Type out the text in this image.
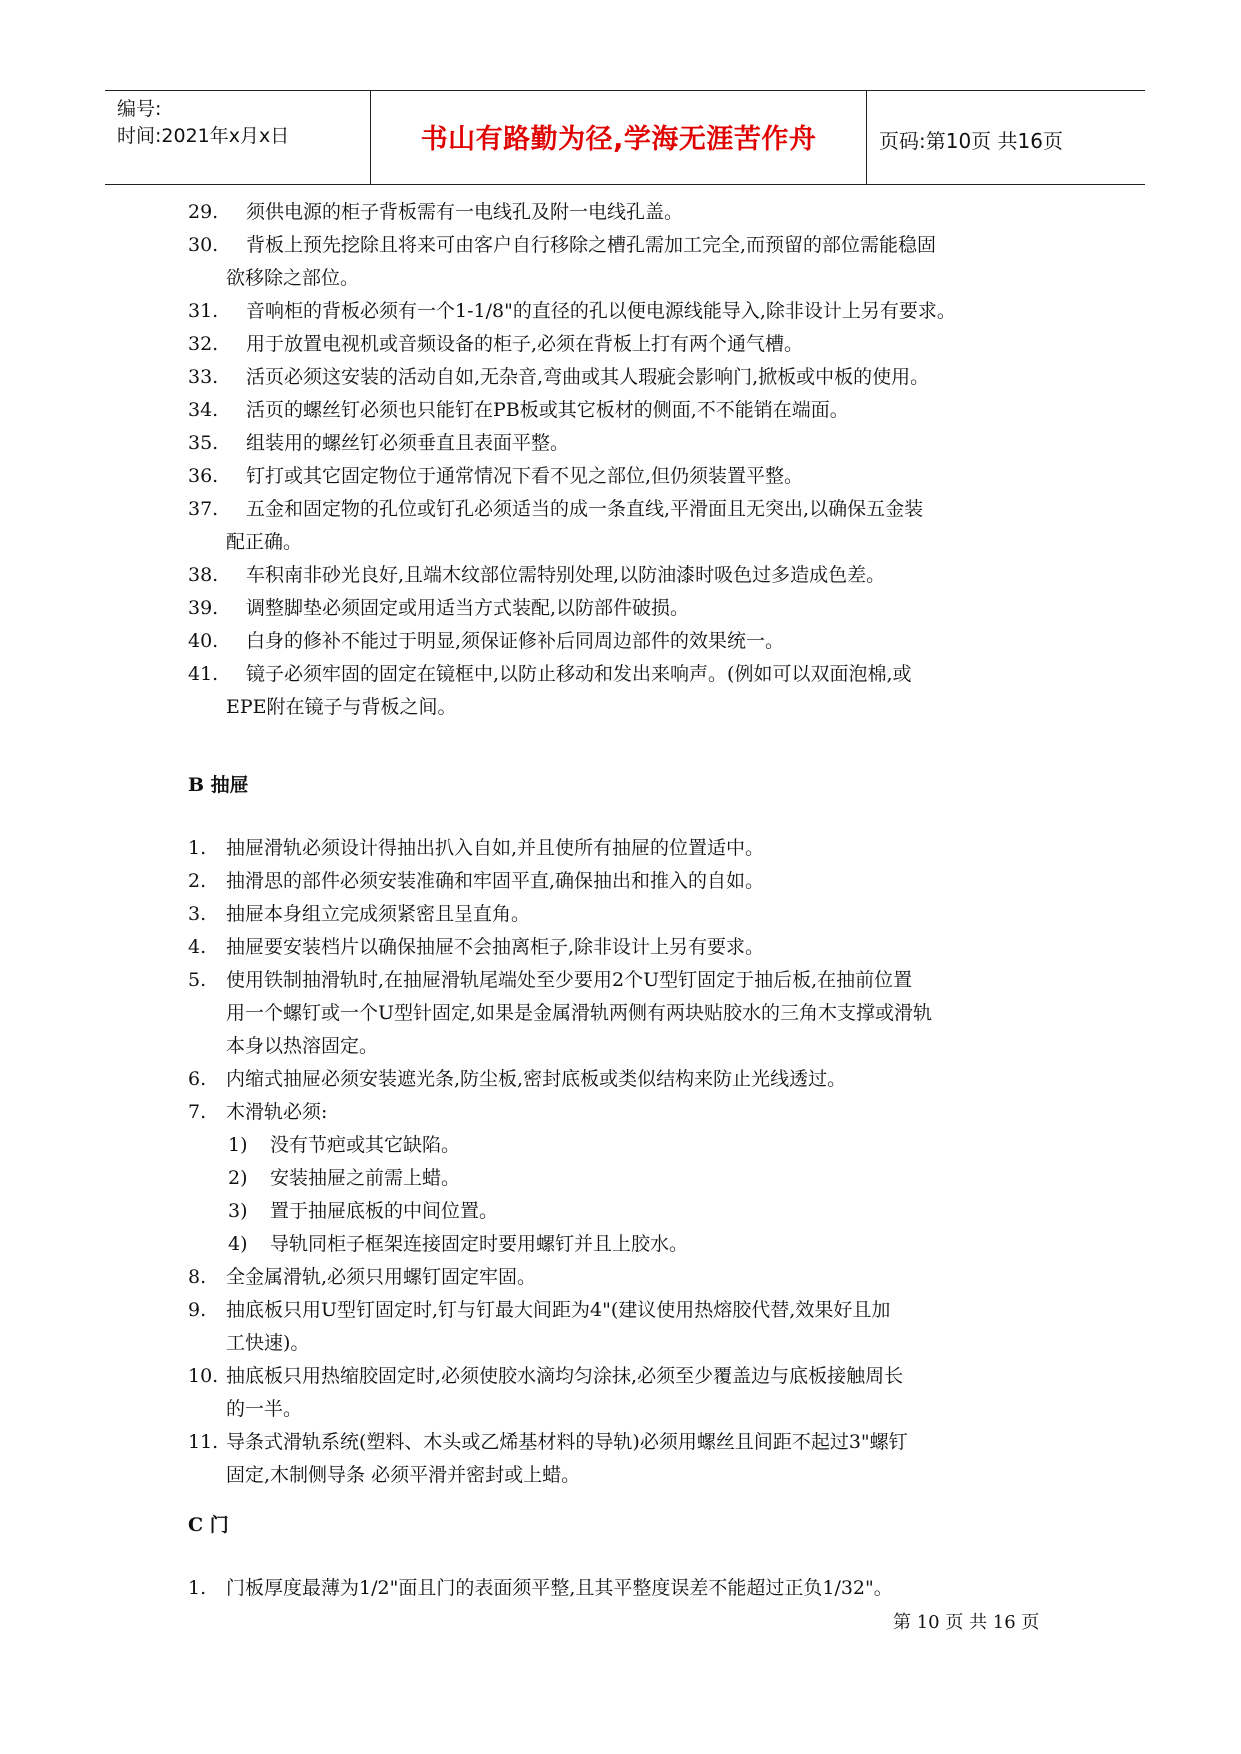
编号:
时间:2021年x月x日	书山有路勤为径,学海无涯苦作舟	页码:第10页 共16页
29. 须供电源的柜子背板需有一电线孔及附一电线孔盖。
30. 背板上预先挖除且将来可由客户自行移除之槽孔需加工完全,而预留的部位需能稳固
欲移除之部位。
31. 音响柜的背板必须有一个1-1/8"的直径的孔以便电源线能导入,除非设计上另有要求。
32. 用于放置电视机或音频设备的柜子,必须在背板上打有两个通气槽。
33. 活页必须这安装的活动自如,无杂音,弯曲或其人瑕疵会影响门,掀板或中板的使用。
34. 活页的螺丝钉必须也只能钉在PB板或其它板材的侧面,不不能销在端面。
35. 组装用的螺丝钉必须垂直且表面平整。
36. 钉打或其它固定物位于通常情况下看不见之部位,但仍须装置平整。
37. 五金和固定物的孔位或钉孔必须适当的成一条直线,平滑面且无突出,以确保五金装
配正确。
38. 车积南非砂光良好,且端木纹部位需特别处理,以防油漆时吸色过多造成色差。
39. 调整脚垫必须固定或用适当方式装配,以防部件破损。
40. 白身的修补不能过于明显,须保证修补后同周边部件的效果统一。
41. 镜子必须牢固的固定在镜框中,以防止移动和发出来响声。(例如可以双面泡棉,或
EPE附在镜子与背板之间。
B 抽屉
1. 抽屉滑轨必须设计得抽出扒入自如,并且使所有抽屉的位置适中。
2. 抽滑思的部件必须安装准确和牢固平直,确保抽出和推入的自如。
3. 抽屉本身组立完成须紧密且呈直角。
4. 抽屉要安装档片以确保抽屉不会抽离柜子,除非设计上另有要求。
5. 使用铁制抽滑轨时,在抽屉滑轨尾端处至少要用2个U型钉固定于抽后板,在抽前位置
用一个螺钉或一个U型针固定,如果是金属滑轨两侧有两块贴胶水的三角木支撑或滑轨
本身以热溶固定。
6. 内缩式抽屉必须安装遮光条,防尘板,密封底板或类似结构来防止光线透过。
7. 木滑轨必须:
1) 没有节疤或其它缺陷。
2) 安装抽屉之前需上蜡。
3) 置于抽屉底板的中间位置。
4) 导轨同柜子框架连接固定时要用螺钉并且上胶水。
8. 全金属滑轨,必须只用螺钉固定牢固。
9. 抽底板只用U型钉固定时,钉与钉最大间距为4"(建议使用热熔胶代替,效果好且加
工快速)。
10. 抽底板只用热缩胶固定时,必须使胶水滴均匀涂抹,必须至少覆盖边与底板接触周长
的一半。
11. 导条式滑轨系统(塑料、木头或乙烯基材料的导轨)必须用螺丝且间距不起过3"螺钉
固定,木制侧导条 必须平滑并密封或上蜡。
C 门
1. 门板厚度最薄为1/2"面且门的表面须平整,且其平整度误差不能超过正负1/32"。
第 10 页 共 16 页
